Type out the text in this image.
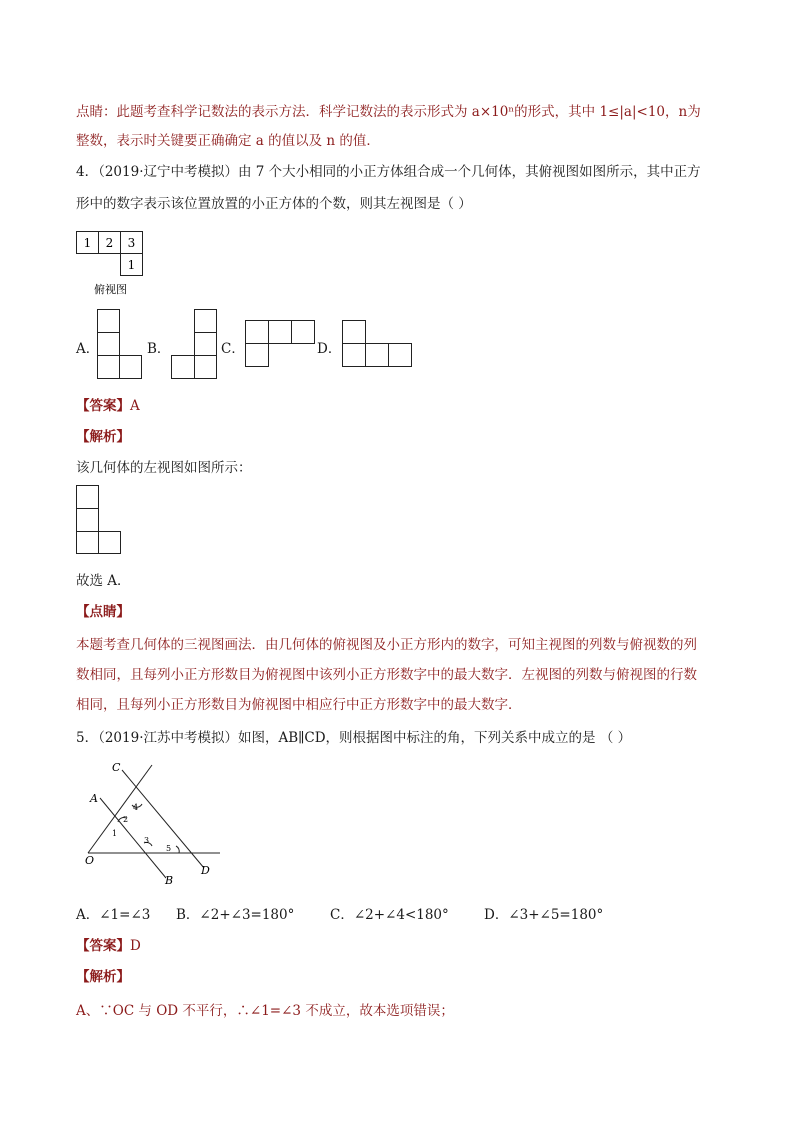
点睛：此题考查科学记数法的表示方法．科学记数法的表示形式为 a×10ⁿ的形式，其中 1≤|a|<10，n为
整数，表示时关键要正确确定 a 的值以及 n 的值．
4．（2019·辽宁中考模拟）由 7 个大小相同的小正方体组合成一个几何体，其俯视图如图所示，其中正方
形中的数字表示该位置放置的小正方体的个数，则其左视图是（ ）
1 2 3
1
俯视图
A．	B．	C．	D．
【答案】A
【解析】
该几何体的左视图如图所示：
故选 A．
【点睛】
本题考查几何体的三视图画法．由几何体的俯视图及小正方形内的数字，可知主视图的列数与俯视数的列
数相同，且每列小正方形数目为俯视图中该列小正方形数字中的最大数字．左视图的列数与俯视图的行数
相同，且每列小正方形数目为俯视图中相应行中正方形数字中的最大数字．
5．（2019·江苏中考模拟）如图，AB∥CD，则根据图中标注的角，下列关系中成立的是 （ ）
C
A
O
B
D
1
2
3
4
5
A．∠1=∠3 B．∠2+∠3=180°	C．∠2+∠4<180°	D．∠3+∠5=180°
【答案】D
【解析】
A、∵OC 与 OD 不平行，∴∠1=∠3 不成立，故本选项错误；
